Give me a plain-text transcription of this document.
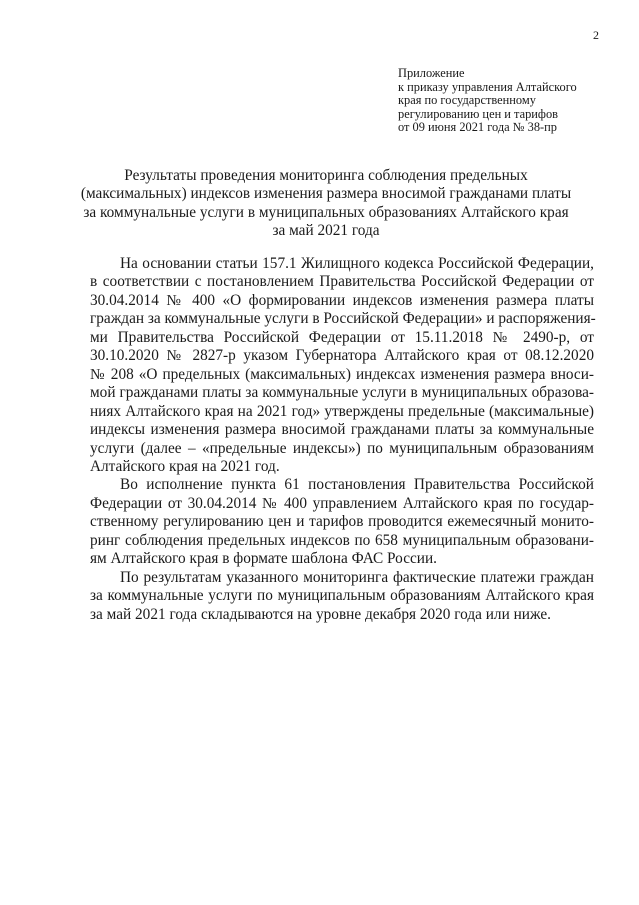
2
Приложение
к приказу управления Алтайского
края по государственному
регулированию цен и тарифов
от 09 июня 2021 года № 38-пр
Результаты проведения мониторинга соблюдения предельных
(максимальных) индексов изменения размера вносимой гражданами платы
за коммунальные услуги в муниципальных образованиях Алтайского края
за май 2021 года
На основании статьи 157.1 Жилищного кодекса Российской Федерации,
в соответствии с постановлением Правительства Российской Федерации от
30.04.2014 № 400 «О формировании индексов изменения размера платы
граждан за коммунальные услуги в Российской Федерации» и распоряжения-
ми Правительства Российской Федерации от 15.11.2018 № 2490-р, от
30.10.2020 № 2827-р указом Губернатора Алтайского края от 08.12.2020
№ 208 «О предельных (максимальных) индексах изменения размера вноси-
мой гражданами платы за коммунальные услуги в муниципальных образова-
ниях Алтайского края на 2021 год» утверждены предельные (максимальные)
индексы изменения размера вносимой гражданами платы за коммунальные
услуги (далее – «предельные индексы») по муниципальным образованиям
Алтайского края на 2021 год.
Во исполнение пункта 61 постановления Правительства Российской
Федерации от 30.04.2014 № 400 управлением Алтайского края по государ-
ственному регулированию цен и тарифов проводится ежемесячный монито-
ринг соблюдения предельных индексов по 658 муниципальным образовани-
ям Алтайского края в формате шаблона ФАС России.
По результатам указанного мониторинга фактические платежи граждан
за коммунальные услуги по муниципальным образованиям Алтайского края
за май 2021 года складываются на уровне декабря 2020 года или ниже.
